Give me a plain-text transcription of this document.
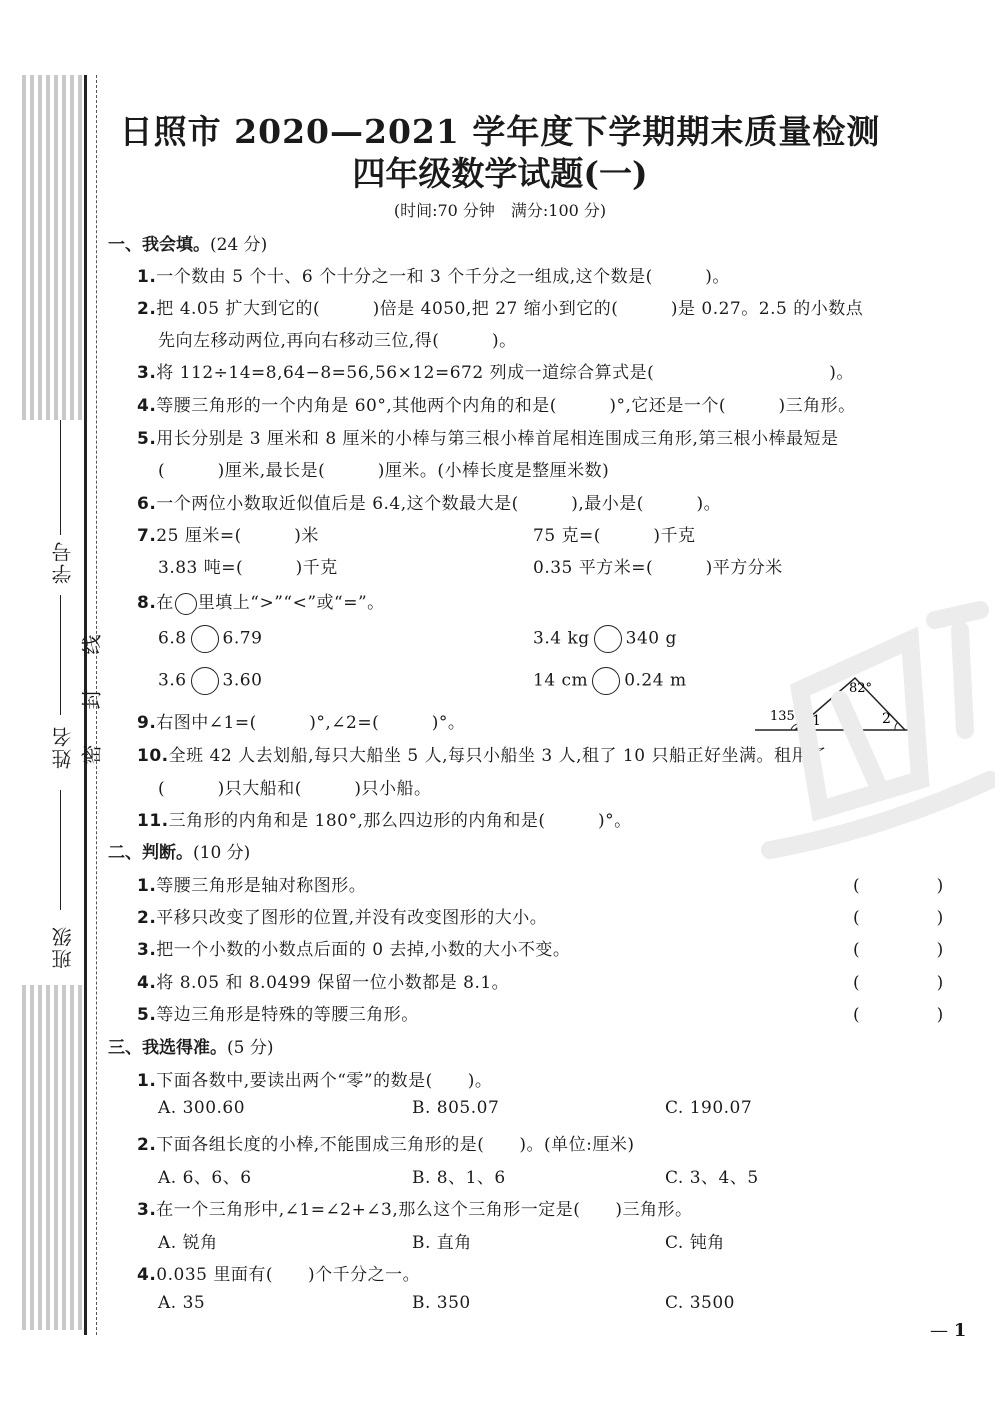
学号
姓名
班级
线
封
密
日照市 2020—2021 学年度下学期期末质量检测
四年级数学试题(一)
(时间:70 分钟　满分:100 分)
一、我会填。(24 分)
1.一个数由 5 个十、6 个十分之一和 3 个千分之一组成,这个数是(　　　)。
2.把 4.05 扩大到它的(　　　)倍是 4050,把 27 缩小到它的(　　　)是 0.27。2.5 的小数点
先向左移动两位,再向右移动三位,得(　　　)。
3.将 112÷14=8,64−8=56,56×12=672 列成一道综合算式是(　　　　　　　　　　)。
4.等腰三角形的一个内角是 60°,其他两个内角的和是(　　　)°,它还是一个(　　　)三角形。
5.用长分别是 3 厘米和 8 厘米的小棒与第三根小棒首尾相连围成三角形,第三根小棒最短是
(　　　)厘米,最长是(　　　)厘米。(小棒长度是整厘米数)
6.一个两位小数取近似值后是 6.4,这个数最大是(　　　),最小是(　　　)。
7.25 厘米=(　　　)米	75 克=(　　　)千克
3.83 吨=(　　　)千克	0.35 平方米=(　　　)平方分米
8.在 里填上“>”“<”或“=”。
6.8 6.79	3.4 kg 340 g
3.6 3.60	14 cm 0.24 m
9.右图中∠1=(　　　)°,∠2=(　　　)°。
82°
135° 1	2
10.全班 42 人去划船,每只大船坐 5 人,每只小船坐 3 人,租了 10 只船正好坐满。租用了
(　　　)只大船和(　　　)只小船。
11.三角形的内角和是 180°,那么四边形的内角和是(　　　)°。
二、判断。(10 分)
1.等腰三角形是轴对称图形。	(　)
2.平移只改变了图形的位置,并没有改变图形的大小。	(　)
3.把一个小数的小数点后面的 0 去掉,小数的大小不变。	(　)
4.将 8.05 和 8.0499 保留一位小数都是 8.1。	(　)
5.等边三角形是特殊的等腰三角形。	(　)
三、我选得准。(5 分)
1.下面各数中,要读出两个“零”的数是(　　)。
A. 300.60	B. 805.07	C. 190.07
2.下面各组长度的小棒,不能围成三角形的是(　　)。(单位:厘米)
A. 6、6、6	B. 8、1、6	C. 3、4、5
3.在一个三角形中,∠1=∠2+∠3,那么这个三角形一定是(　　)三角形。
A. 锐角	B. 直角	C. 钝角
4.0.035 里面有(　　)个千分之一。
A. 35	B. 350	C. 3500
— 1
